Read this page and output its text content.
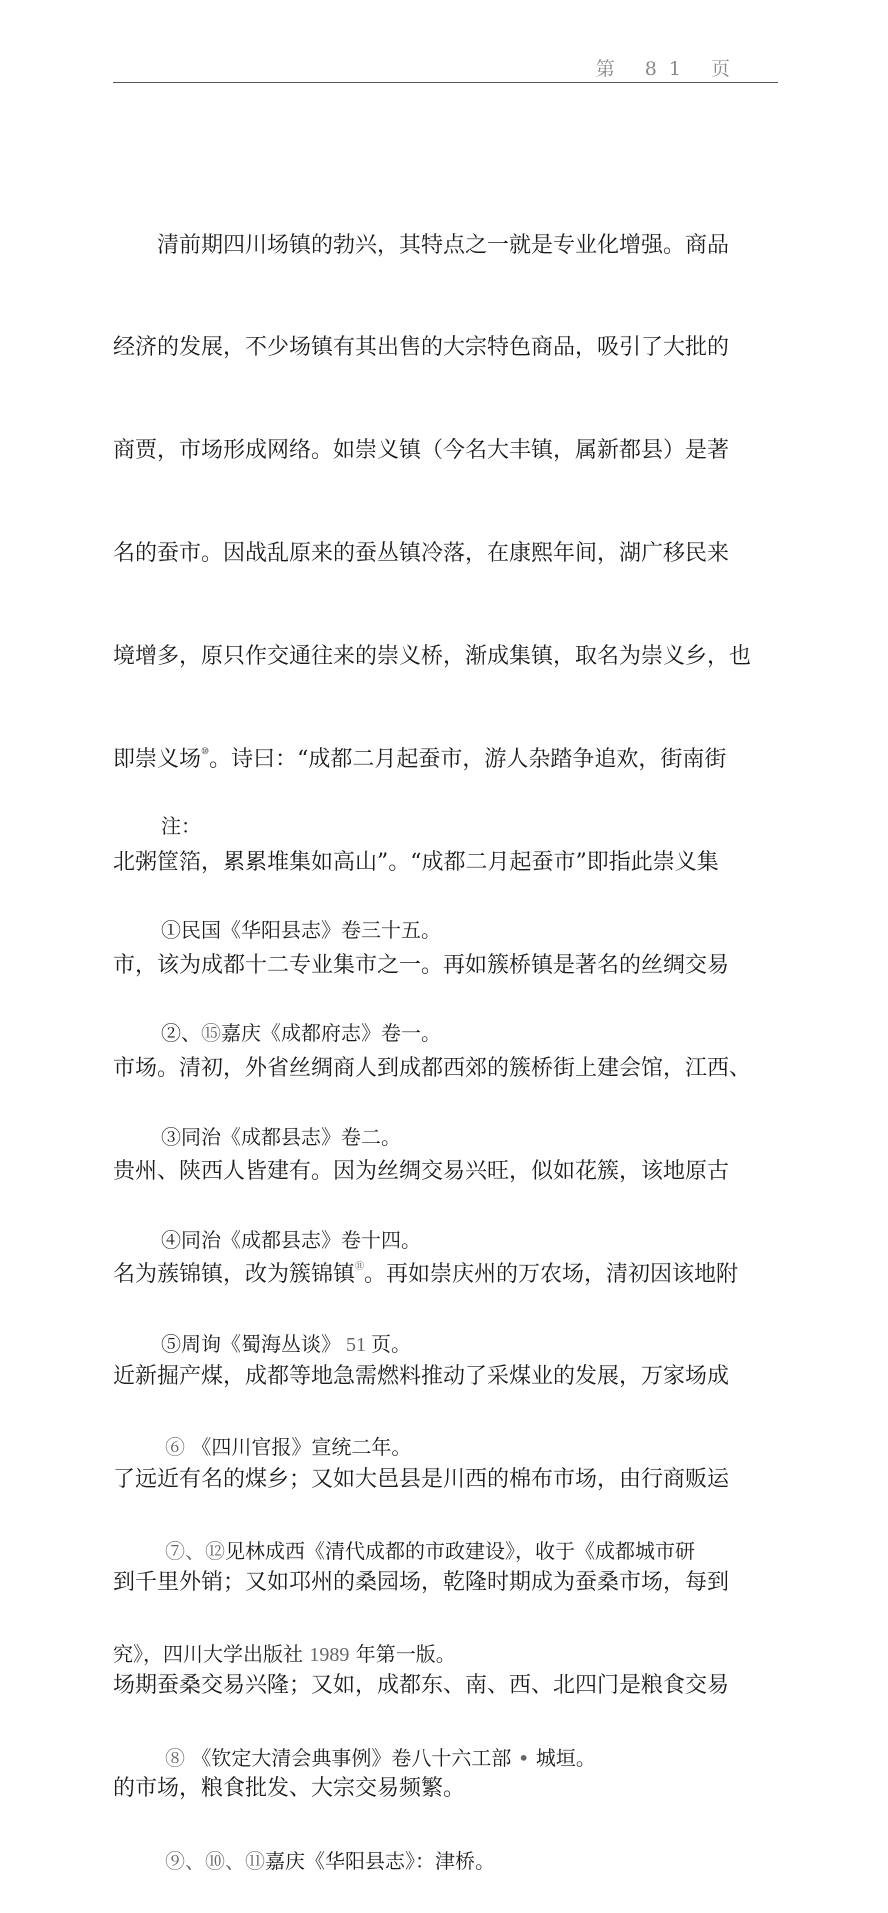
第 81 页

　　清前期四川场镇的勃兴，其特点之一就是专业化增强。商品

经济的发展，不少场镇有其出售的大宗特色商品，吸引了大批的

商贾，市场形成网络。如崇义镇（今名大丰镇，属新都县）是著

名的蚕市。因战乱原来的蚕丛镇冷落，在康熙年间，湖广移民来

境增多，原只作交通往来的崇义桥，渐成集镇，取名为崇义乡，也

即崇义场⑩。诗曰：“成都二月起蚕市，游人杂踏争追欢，街南街

北粥筐箔，累累堆集如高山”。“成都二月起蚕市”即指此崇义集

市，该为成都十二专业集市之一。再如簇桥镇是著名的丝绸交易

市场。清初，外省丝绸商人到成都西郊的簇桥街上建会馆，江西、

贵州、陕西人皆建有。因为丝绸交易兴旺，似如花簇，该地原古

名为蔟锦镇，改为簇锦镇⑪。再如崇庆州的万农场，清初因该地附

近新掘产煤，成都等地急需燃料推动了采煤业的发展，万家场成

了远近有名的煤乡；又如大邑县是川西的棉布市场，由行商贩运

到千里外销；又如邛州的桑园场，乾隆时期成为蚕桑市场，每到

场期蚕桑交易兴隆；又如，成都东、南、西、北四门是粮食交易

的市场，粮食批发、大宗交易频繁。

注：

①民国《华阳县志》卷三十五。

②、⑮嘉庆《成都府志》卷一。

③同治《成都县志》卷二。

④同治《成都县志》卷十四。

⑤周询《蜀海丛谈》 51 页。

⑥ 《四川官报》宣统二年。

⑦、⑫见林成西《清代成都的市政建设》，收于《成都城市研

究》，四川大学出版社 1989 年第一版。

⑧ 《钦定大清会典事例》卷八十六工部 • 城垣。

⑨、⑩、⑪嘉庆《华阳县志》：津桥。
